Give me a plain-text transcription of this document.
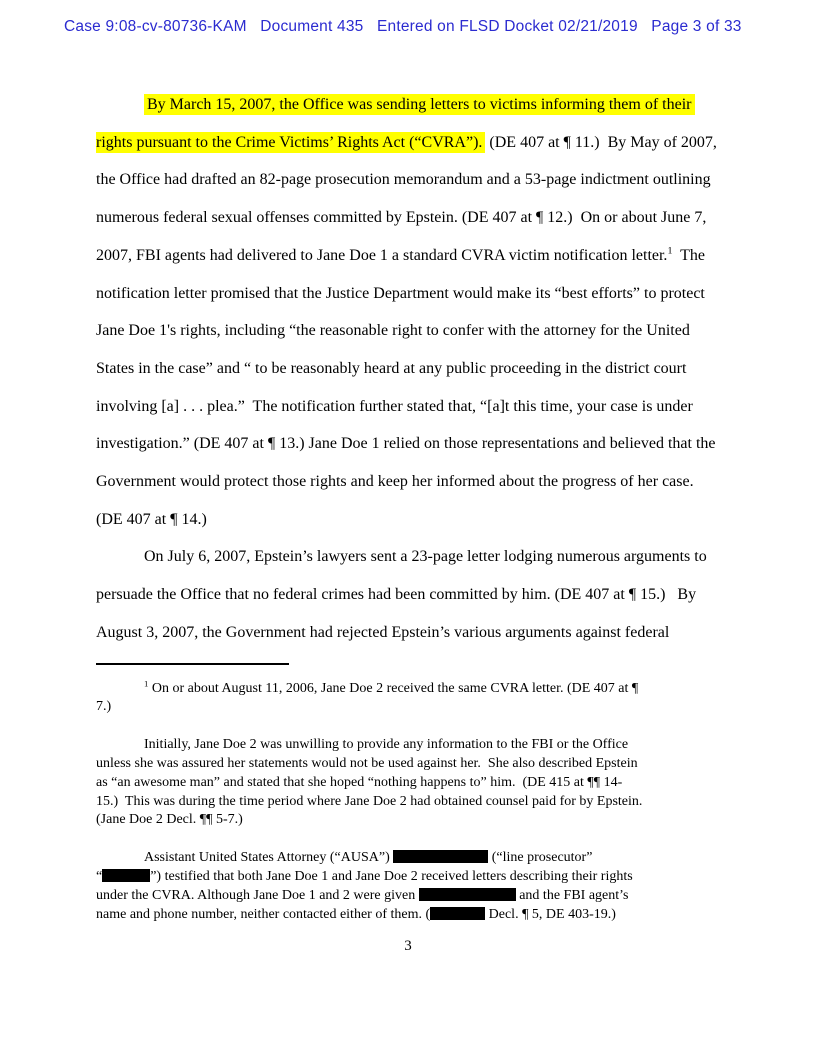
Case 9:08-cv-80736-KAM   Document 435   Entered on FLSD Docket 02/21/2019   Page 3 of 33

By March 15, 2007, the Office was sending letters to victims informing them of their rights pursuant to the Crime Victims’ Rights Act (“CVRA”). (DE 407 at ¶ 11.)  By May of 2007, the Office had drafted an 82-page prosecution memorandum and a 53-page indictment outlining numerous federal sexual offenses committed by Epstein. (DE 407 at ¶ 12.)  On or about June 7, 2007, FBI agents had delivered to Jane Doe 1 a standard CVRA victim notification letter.$^1$  The notification letter promised that the Justice Department would make its “best efforts” to protect Jane Doe 1's rights, including “the reasonable right to confer with the attorney for the United States in the case” and “ to be reasonably heard at any public proceeding in the district court involving [a] . . . plea.”  The notification further stated that, “[a]t this time, your case is under investigation.” (DE 407 at ¶ 13.) Jane Doe 1 relied on those representations and believed that the Government would protect those rights and keep her informed about the progress of her case. (DE 407 at ¶ 14.)

On July 6, 2007, Epstein’s lawyers sent a 23-page letter lodging numerous arguments to persuade the Office that no federal crimes had been committed by him. (DE 407 at ¶ 15.)   By August 3, 2007, the Government had rejected Epstein’s various arguments against federal

$^1$ On or about August 11, 2006, Jane Doe 2 received the same CVRA letter. (DE 407 at ¶
7.)

Initially, Jane Doe 2 was unwilling to provide any information to the FBI or the Office
unless she was assured her statements would not be used against her.  She also described Epstein
as “an awesome man” and stated that she hoped “nothing happens to” him.  (DE 415 at ¶¶ 14-
15.)  This was during the time period where Jane Doe 2 had obtained counsel paid for by Epstein.
(Jane Doe 2 Decl. ¶¶ 5-7.)

Assistant United States Attorney (“AUSA”)	(“line prosecutor”
“	”) testified that both Jane Doe 1 and Jane Doe 2 received letters describing their rights
under the CVRA. Although Jane Doe 1 and 2 were given	and the FBI agent’s
name and phone number, neither contacted either of them. (	Decl. ¶ 5, DE 403-19.)

3
